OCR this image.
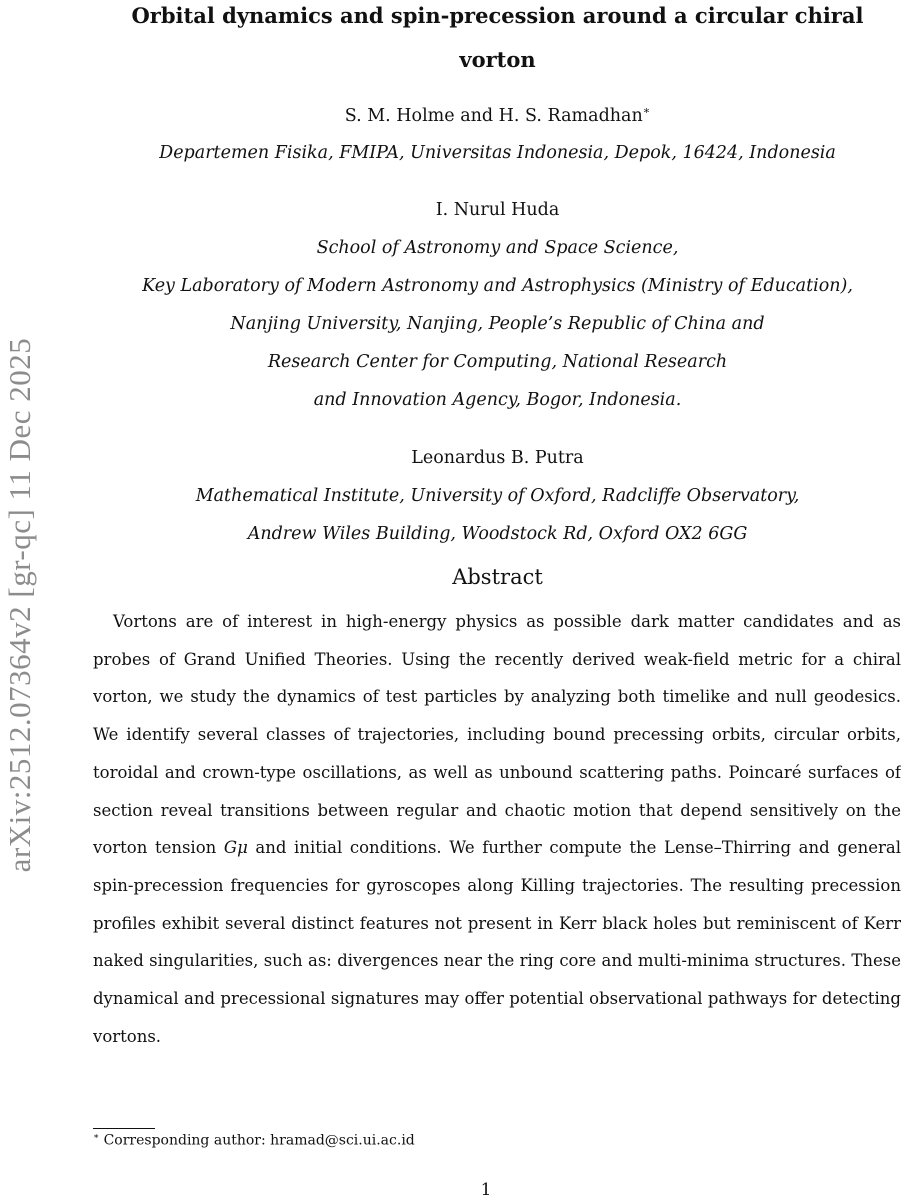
arXiv:2512.07364v2 [gr-qc] 11 Dec 2025
Orbital dynamics and spin-precession around a circular chiral vorton
S. M. Holme and H. S. Ramadhan∗
Departemen Fisika, FMIPA, Universitas Indonesia, Depok, 16424, Indonesia
I. Nurul Huda
School of Astronomy and Space Science,
Key Laboratory of Modern Astronomy and Astrophysics (Ministry of Education),
Nanjing University, Nanjing, People’s Republic of China and
Research Center for Computing, National Research
and Innovation Agency, Bogor, Indonesia.
Leonardus B. Putra
Mathematical Institute, University of Oxford, Radcliffe Observatory,
Andrew Wiles Building, Woodstock Rd, Oxford OX2 6GG
Abstract

Vortons are of interest in high-energy physics as possible dark matter candidates and as probes of Grand Unified Theories. Using the recently derived weak-field metric for a chiral vorton, we study the dynamics of test particles by analyzing both timelike and null geodesics. We identify several classes of trajectories, including bound precessing orbits, circular orbits, toroidal and crown-type oscillations, as well as unbound scattering paths. Poincaré surfaces of section reveal transitions between regular and chaotic motion that depend sensitively on the vorton tension Gμ and initial conditions. We further compute the Lense–Thirring and general spin-precession frequencies for gyroscopes along Killing trajectories. The resulting precession profiles exhibit several distinct features not present in Kerr black holes but reminiscent of Kerr naked singularities, such as: divergences near the ring core and multi-minima structures. These dynamical and precessional signatures may offer potential observational pathways for detecting vortons.

∗ Corresponding author: hramad@sci.ui.ac.id
1
